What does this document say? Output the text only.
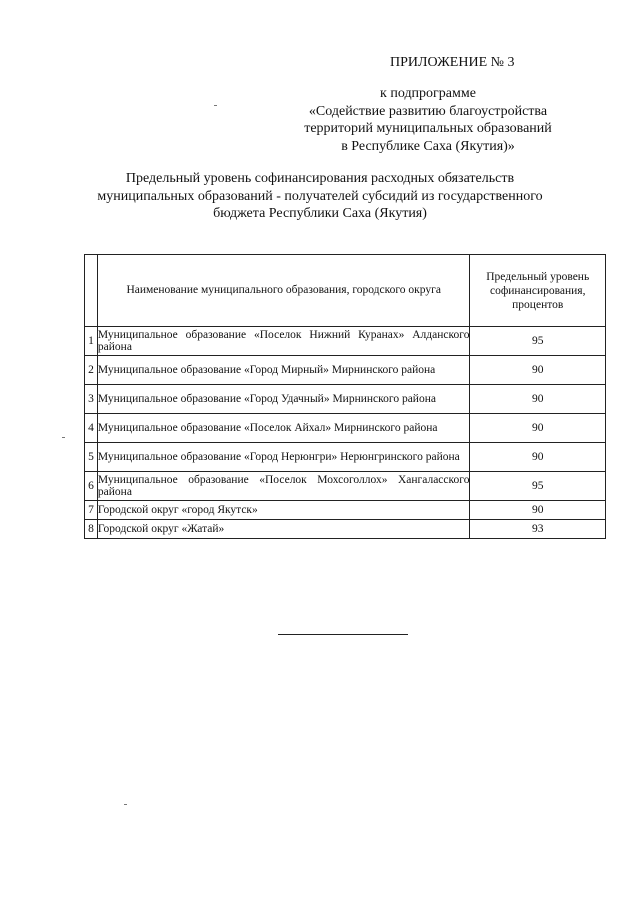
ПРИЛОЖЕНИЕ № 3
к подпрограмме
«Содействие развитию благоустройства
территорий муниципальных образований
в Республике Саха (Якутия)»
Предельный уровень софинансирования расходных обязательств
муниципальных образований - получателей субсидий из государственного
бюджета Республики Саха (Якутия)
	Наименование муниципального образования, городского округа	Предельный уровень
софинансирования,
процентов

1	Муниципальное образование «Поселок Нижний Куранах» Алданского района	95
2	Муниципальное образование «Город Мирный» Мирнинского района	90
3	Муниципальное образование «Город Удачный» Мирнинского района	90
4	Муниципальное образование «Поселок Айхал» Мирнинского района	90
5	Муниципальное образование «Город Нерюнгри» Нерюнгринского района	90
6	Муниципальное образование «Поселок Мохсоголлох» Хангаласского района	95
7	Городской округ «город Якутск»	90
8	Городской округ «Жатай»	93
